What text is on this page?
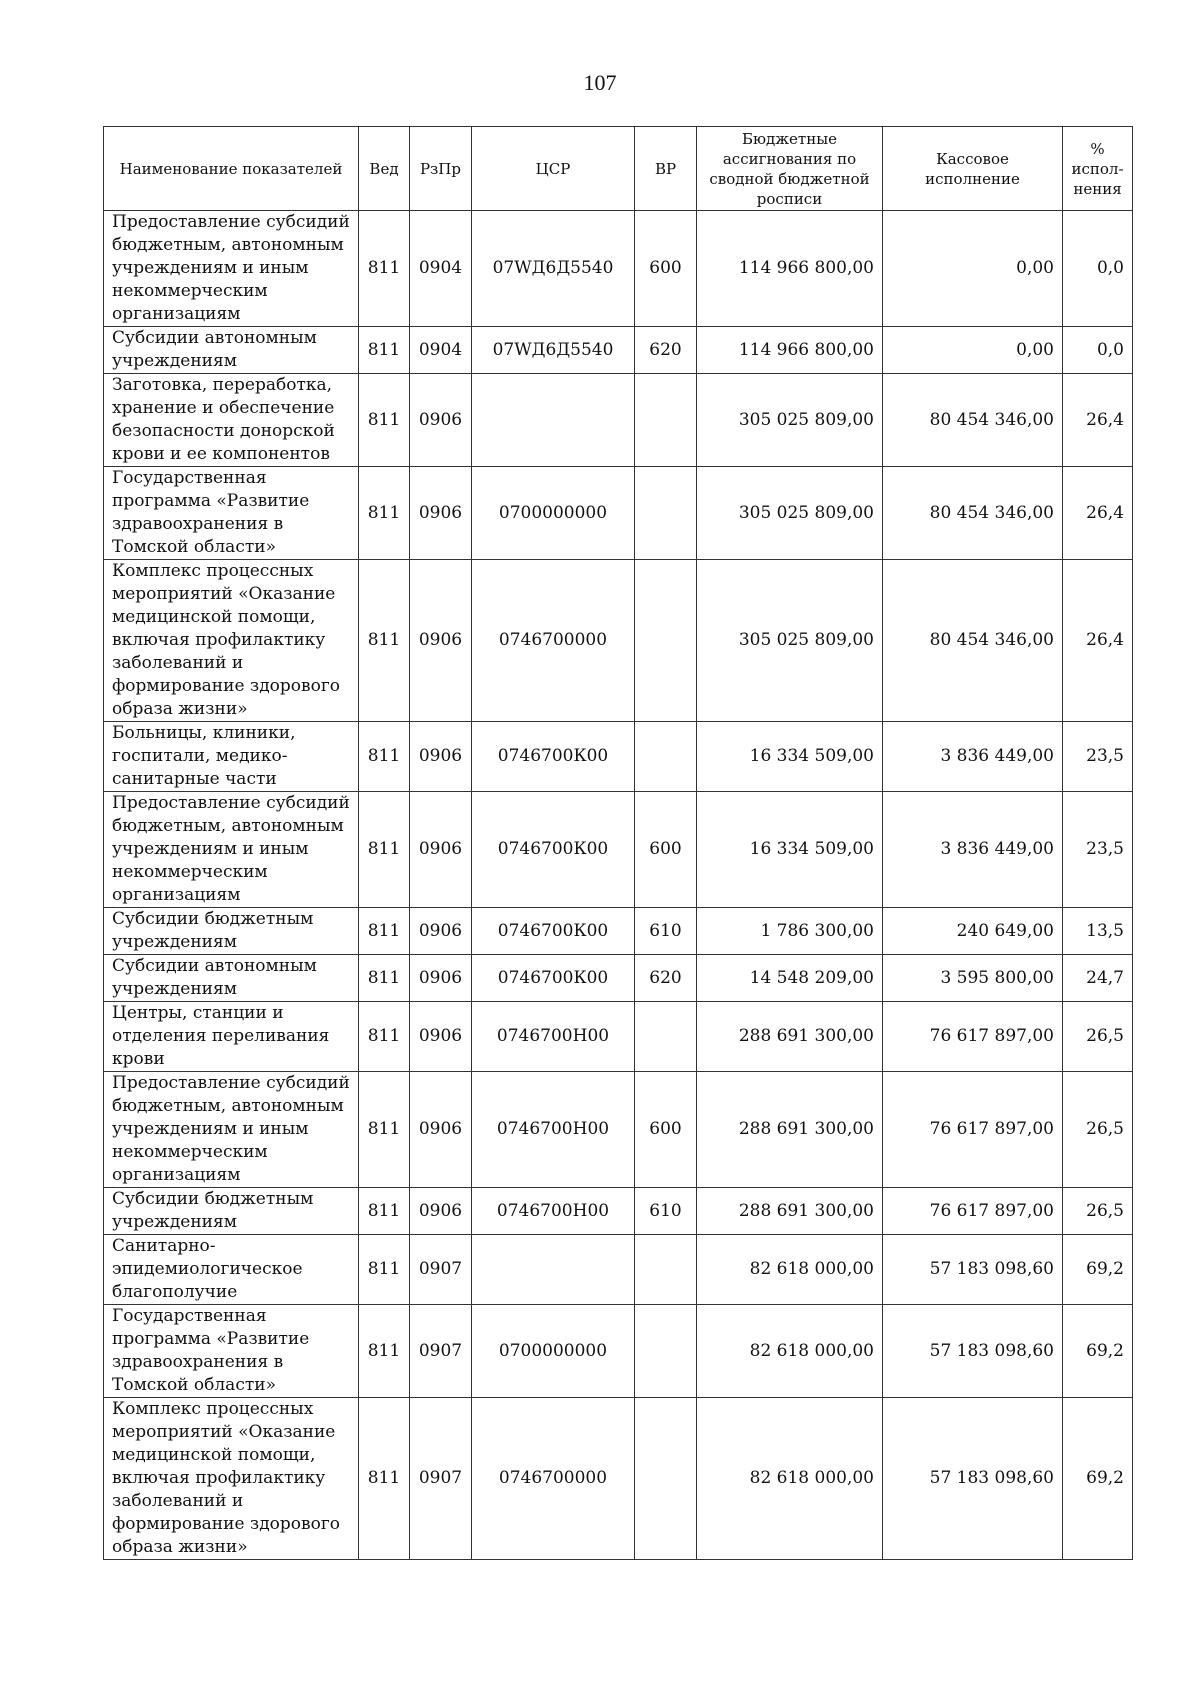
107
Наименование показателей	Вед	РзПр	ЦСР	ВР	Бюджетные ассигнования по сводной бюджетной росписи	Кассовое исполнение	% испол-нения
Предоставление субсидий бюджетным, автономным учреждениям и иным некоммерческим организациям	811	0904	07WД6Д5540	600	114 966 800,00	0,00	0,0
Субсидии автономным учреждениям	811	0904	07WД6Д5540	620	114 966 800,00	0,00	0,0
Заготовка, переработка, хранение и обеспечение безопасности донорской крови и ее компонентов	811	0906			305 025 809,00	80 454 346,00	26,4
Государственная программа «Развитие здравоохранения в Томской области»	811	0906	0700000000		305 025 809,00	80 454 346,00	26,4
Комплекс процессных мероприятий «Оказание медицинской помощи, включая профилактику заболеваний и формирование здорового образа жизни»	811	0906	0746700000		305 025 809,00	80 454 346,00	26,4
Больницы, клиники, госпитали, медико-санитарные части	811	0906	0746700К00		16 334 509,00	3 836 449,00	23,5
Предоставление субсидий бюджетным, автономным учреждениям и иным некоммерческим организациям	811	0906	0746700К00	600	16 334 509,00	3 836 449,00	23,5
Субсидии бюджетным учреждениям	811	0906	0746700К00	610	1 786 300,00	240 649,00	13,5
Субсидии автономным учреждениям	811	0906	0746700К00	620	14 548 209,00	3 595 800,00	24,7
Центры, станции и отделения переливания крови	811	0906	0746700Н00		288 691 300,00	76 617 897,00	26,5
Предоставление субсидий бюджетным, автономным учреждениям и иным некоммерческим организациям	811	0906	0746700Н00	600	288 691 300,00	76 617 897,00	26,5
Субсидии бюджетным учреждениям	811	0906	0746700Н00	610	288 691 300,00	76 617 897,00	26,5
Санитарно-эпидемиологическое благополучие	811	0907			82 618 000,00	57 183 098,60	69,2
Государственная программа «Развитие здравоохранения в Томской области»	811	0907	0700000000		82 618 000,00	57 183 098,60	69,2
Комплекс процессных мероприятий «Оказание медицинской помощи, включая профилактику заболеваний и формирование здорового образа жизни»	811	0907	0746700000		82 618 000,00	57 183 098,60	69,2
